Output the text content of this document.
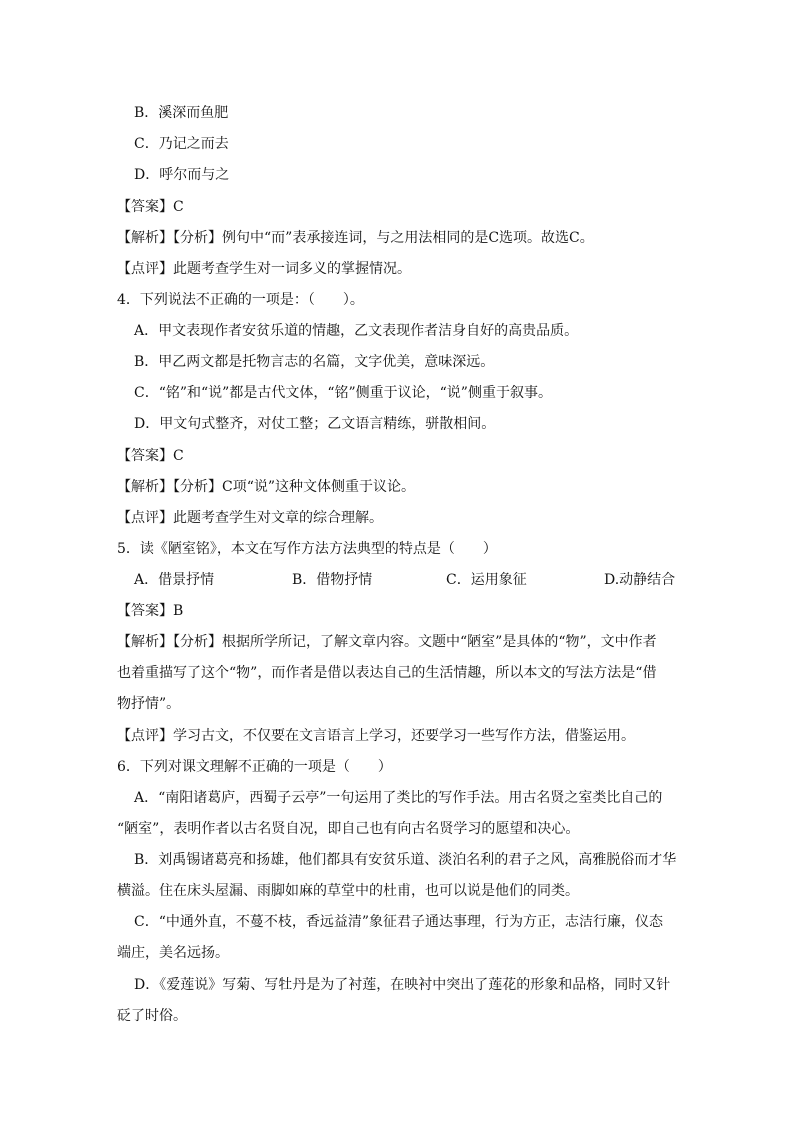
B．溪深而鱼肥
C．乃记之而去
D．呼尔而与之
【答案】C
【解析】【分析】例句中“而”表承接连词，与之用法相同的是C选项。故选C。
【点评】此题考查学生对一词多义的掌握情况。
4．下列说法不正确的一项是：（　　）。
A．甲文表现作者安贫乐道的情趣，乙文表现作者洁身自好的高贵品质。
B．甲乙两文都是托物言志的名篇，文字优美，意味深远。
C．“铭”和“说”都是古代文体，“铭”侧重于议论，“说”侧重于叙事。
D．甲文句式整齐，对仗工整；乙文语言精练，骈散相间。
【答案】C
【解析】【分析】C项“说”这种文体侧重于议论。
【点评】此题考查学生对文章的综合理解。
5．读《陋室铭》，本文在写作方法方法典型的特点是（　　）
A．借景抒情	B．借物抒情	C．运用象征	D.动静结合
【答案】B
【解析】【分析】根据所学所记，了解文章内容。文题中“陋室”是具体的“物”，文中作者
也着重描写了这个“物”，而作者是借以表达自己的生活情趣，所以本文的写法方法是“借
物抒情”。
【点评】学习古文，不仅要在文言语言上学习，还要学习一些写作方法，借鉴运用。
6．下列对课文理解不正确的一项是（　　）
A．“南阳诸葛庐，西蜀子云亭”一句运用了类比的写作手法。用古名贤之室类比自己的
“陋室”，表明作者以古名贤自况，即自己也有向古名贤学习的愿望和决心。
B．刘禹锡诸葛亮和扬雄，他们都具有安贫乐道、淡泊名利的君子之风，高雅脱俗而才华
横溢。住在床头屋漏、雨脚如麻的草堂中的杜甫，也可以说是他们的同类。
C．“中通外直，不蔓不枝，香远益清”象征君子通达事理，行为方正，志洁行廉，仪态
端庄，美名远扬。
D．《爱莲说》写菊、写牡丹是为了衬莲，在映衬中突出了莲花的形象和品格，同时又针
砭了时俗。
